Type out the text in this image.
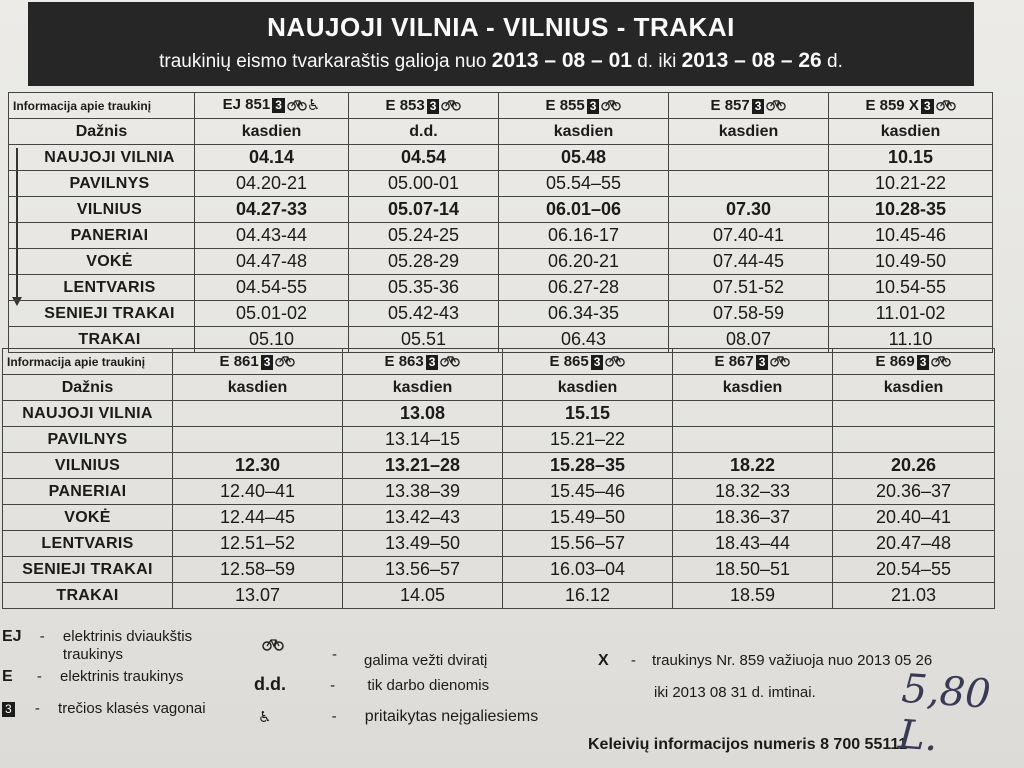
NAUJOJI VILNIA - VILNIUS - TRAKAI
traukinių eismo tvarkaraštis galioja nuo 2013 – 08 – 01 d. iki 2013 – 08 – 26 d.
Informacija apie traukinį	EJ 851 3 ♿	E 853 3	E 855 3	E 857 3	E 859 X 3
Dažnis	kasdien	d.d.	kasdien	kasdien	kasdien
NAUJOJI VILNIA	04.14	04.54	05.48		10.15
PAVILNYS	04.20-21	05.00-01	05.54–55		10.21-22
VILNIUS	04.27-33	05.07-14	06.01–06	07.30	10.28-35
PANERIAI	04.43-44	05.24-25	06.16-17	07.40-41	10.45-46
VOKĖ	04.47-48	05.28-29	06.20-21	07.44-45	10.49-50
LENTVARIS	04.54-55	05.35-36	06.27-28	07.51-52	10.54-55
SENIEJI TRAKAI	05.01-02	05.42-43	06.34-35	07.58-59	11.01-02
TRAKAI	05.10	05.51	06.43	08.07	11.10
Informacija apie traukinį	E 861 3	E 863 3	E 865 3	E 867 3	E 869 3
Dažnis	kasdien	kasdien	kasdien	kasdien	kasdien
NAUJOJI VILNIA		13.08	15.15		
PAVILNYS		13.14–15	15.21–22		
VILNIUS	12.30	13.21–28	15.28–35	18.22	20.26
PANERIAI	12.40–41	13.38–39	15.45–46	18.32–33	20.36–37
VOKĖ	12.44–45	13.42–43	15.49–50	18.36–37	20.40–41
LENTVARIS	12.51–52	13.49–50	15.56–57	18.43–44	20.47–48
SENIEJI TRAKAI	12.58–59	13.56–57	16.03–04	18.50–51	20.54–55
TRAKAI	13.07	14.05	16.12	18.59	21.03
EJ - elektrinis dviaukštis traukinys
E - elektrinis traukinys
3 - trečios klasės vagonai
- galima vežti dviratį
d.d.	- tik darbo dienomis
♿	- pritaikytas neįgaliesiems
X - traukinys Nr. 859 važiuoja nuo 2013 05 26
iki 2013 08 31 d. imtinai.
Keleivių informacijos numeris 8 700 55111
5,80 L.
